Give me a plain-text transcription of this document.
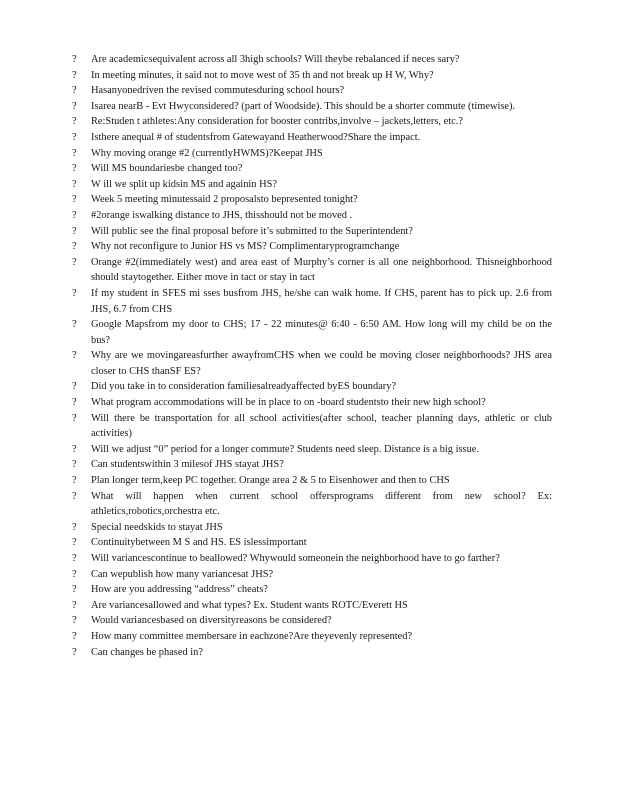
? Are academicsequivalent across all 3high schools? Will theybe rebalanced if neces sary?
? In meeting minutes, it said not to move west of 35 th and not break up H W, Why?
? Hasanyonedriven the revised commutesduring school hours?
? Isarea nearB - Evt Hwyconsidered? (part of Woodside). This should be a shorter commute (timewise).
? Re:Studen t athletes:Any consideration for booster contribs,involve – jackets,letters, etc.?
? Isthere anequal # of studentsfrom Gatewayand Heatherwood?Share the impact.
? Why moving orange #2 (currentlyHWMS)?Keepat JHS
? Will MS boundariesbe changed too?
? W ill we split up kidsin MS and againin HS?
? Week 5 meeting minutessaid 2 proposalsto bepresented tonight?
? #2orange iswalking distance to JHS, thisshould not be moved .
? Will public see the final proposal before it’s submitted to the Superintendent?
? Why not reconfigure to Junior HS vs MS? Complimentaryprogramchange
? Orange #2(immediately west) and area east of Murphy’s corner is all one neighborhood. Thisneighborhood should staytogether. Either move in tact or stay in tact
? If my student in SFES mi sses busfrom JHS, he/she can walk home. If CHS, parent has to pick up. 2.6 from JHS, 6.7 from CHS
? Google Mapsfrom my door to CHS; 17 - 22 minutes@ 6:40 - 6:50 AM. How long will my child be on the bus?
? Why are we movingareasfurther awayfromCHS when we could be moving closer neighborhoods? JHS area closer to CHS thanSF ES?
? Did you take in to consideration familiesalreadyaffected byES boundary?
? What program accommodations will be in place to on -board studentsto their new high school?
? Will there be transportation for all school activities(after school, teacher planning days, athletic or club activities)
? Will we adjust “0” period for a longer commute? Students need sleep. Distance is a big issue.
? Can studentswithin 3 milesof JHS stayat JHS?
? Plan longer term,keep PC together. Orange area 2 & 5 to Eisenhower and then to CHS
? What will happen when current school offersprograms different from new school? Ex: athletics,robotics,orchestra etc.
? Special needskids to stayat JHS
? Continuitybetween M S and HS. ES islessimportant
? Will variancescontinue to beallowed? Whywould someonein the neighborhood have to go farther?
? Can wepublish how many variancesat JHS?
? How are you addressing “address” cheats?
? Are variancesallowed and what types? Ex. Student wants ROTC/Everett HS
? Would variancesbased on diversityreasons be considered?
? How many committee membersare in eachzone?Are theyevenly represented?
? Can changes be phased in?
